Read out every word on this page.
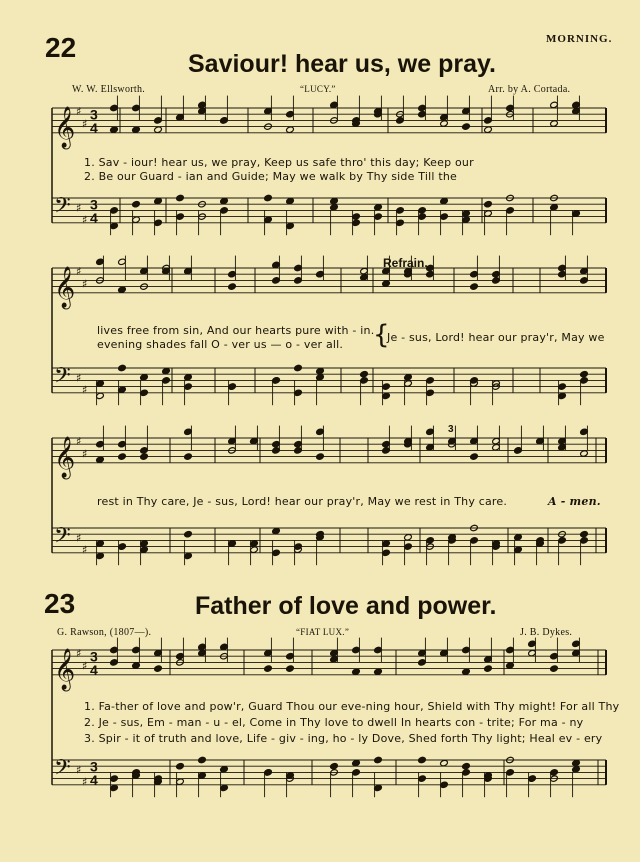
22	MORNING.
Saviour! hear us, we pray.
W. W. Ellsworth.	“LUCY.”	Arr. by A. Cortada.
𝄞 ♯
♯
3
4
𝄢 ♯
♯
3
4
𝄞 ♯
♯
𝄢 ♯
♯
𝄞 ♯
♯
𝄢 ♯
♯
𝄞 ♯
♯
3
4
𝄢 ♯
♯
3
4
3
1. Sav - iour! hear us, we pray, Keep us safe thro' this day; Keep our
2. Be our Guard - ian and Guide; May we walk by Thy side Till the
Refrain.
lives free from sin, And our hearts pure with - in.
evening shades fall O - ver us — o - ver all. {
Je - sus, Lord! hear our pray'r, May we
rest in Thy care, Je - sus, Lord! hear our pray'r, May we rest in Thy care.	A - men.
23	Father of love and power.
G. Rawson, (1807—).	“FIAT LUX.”	J. B. Dykes.
1. Fa-ther of love and pow'r, Guard Thou our eve-ning hour, Shield with Thy might! For all Thy
2. Je - sus, Em - man - u - el, Come in Thy love to dwell In hearts con - trite; For ma - ny
3. Spir - it of truth and love, Life - giv - ing, ho - ly Dove, Shed forth Thy light; Heal ev - ery
